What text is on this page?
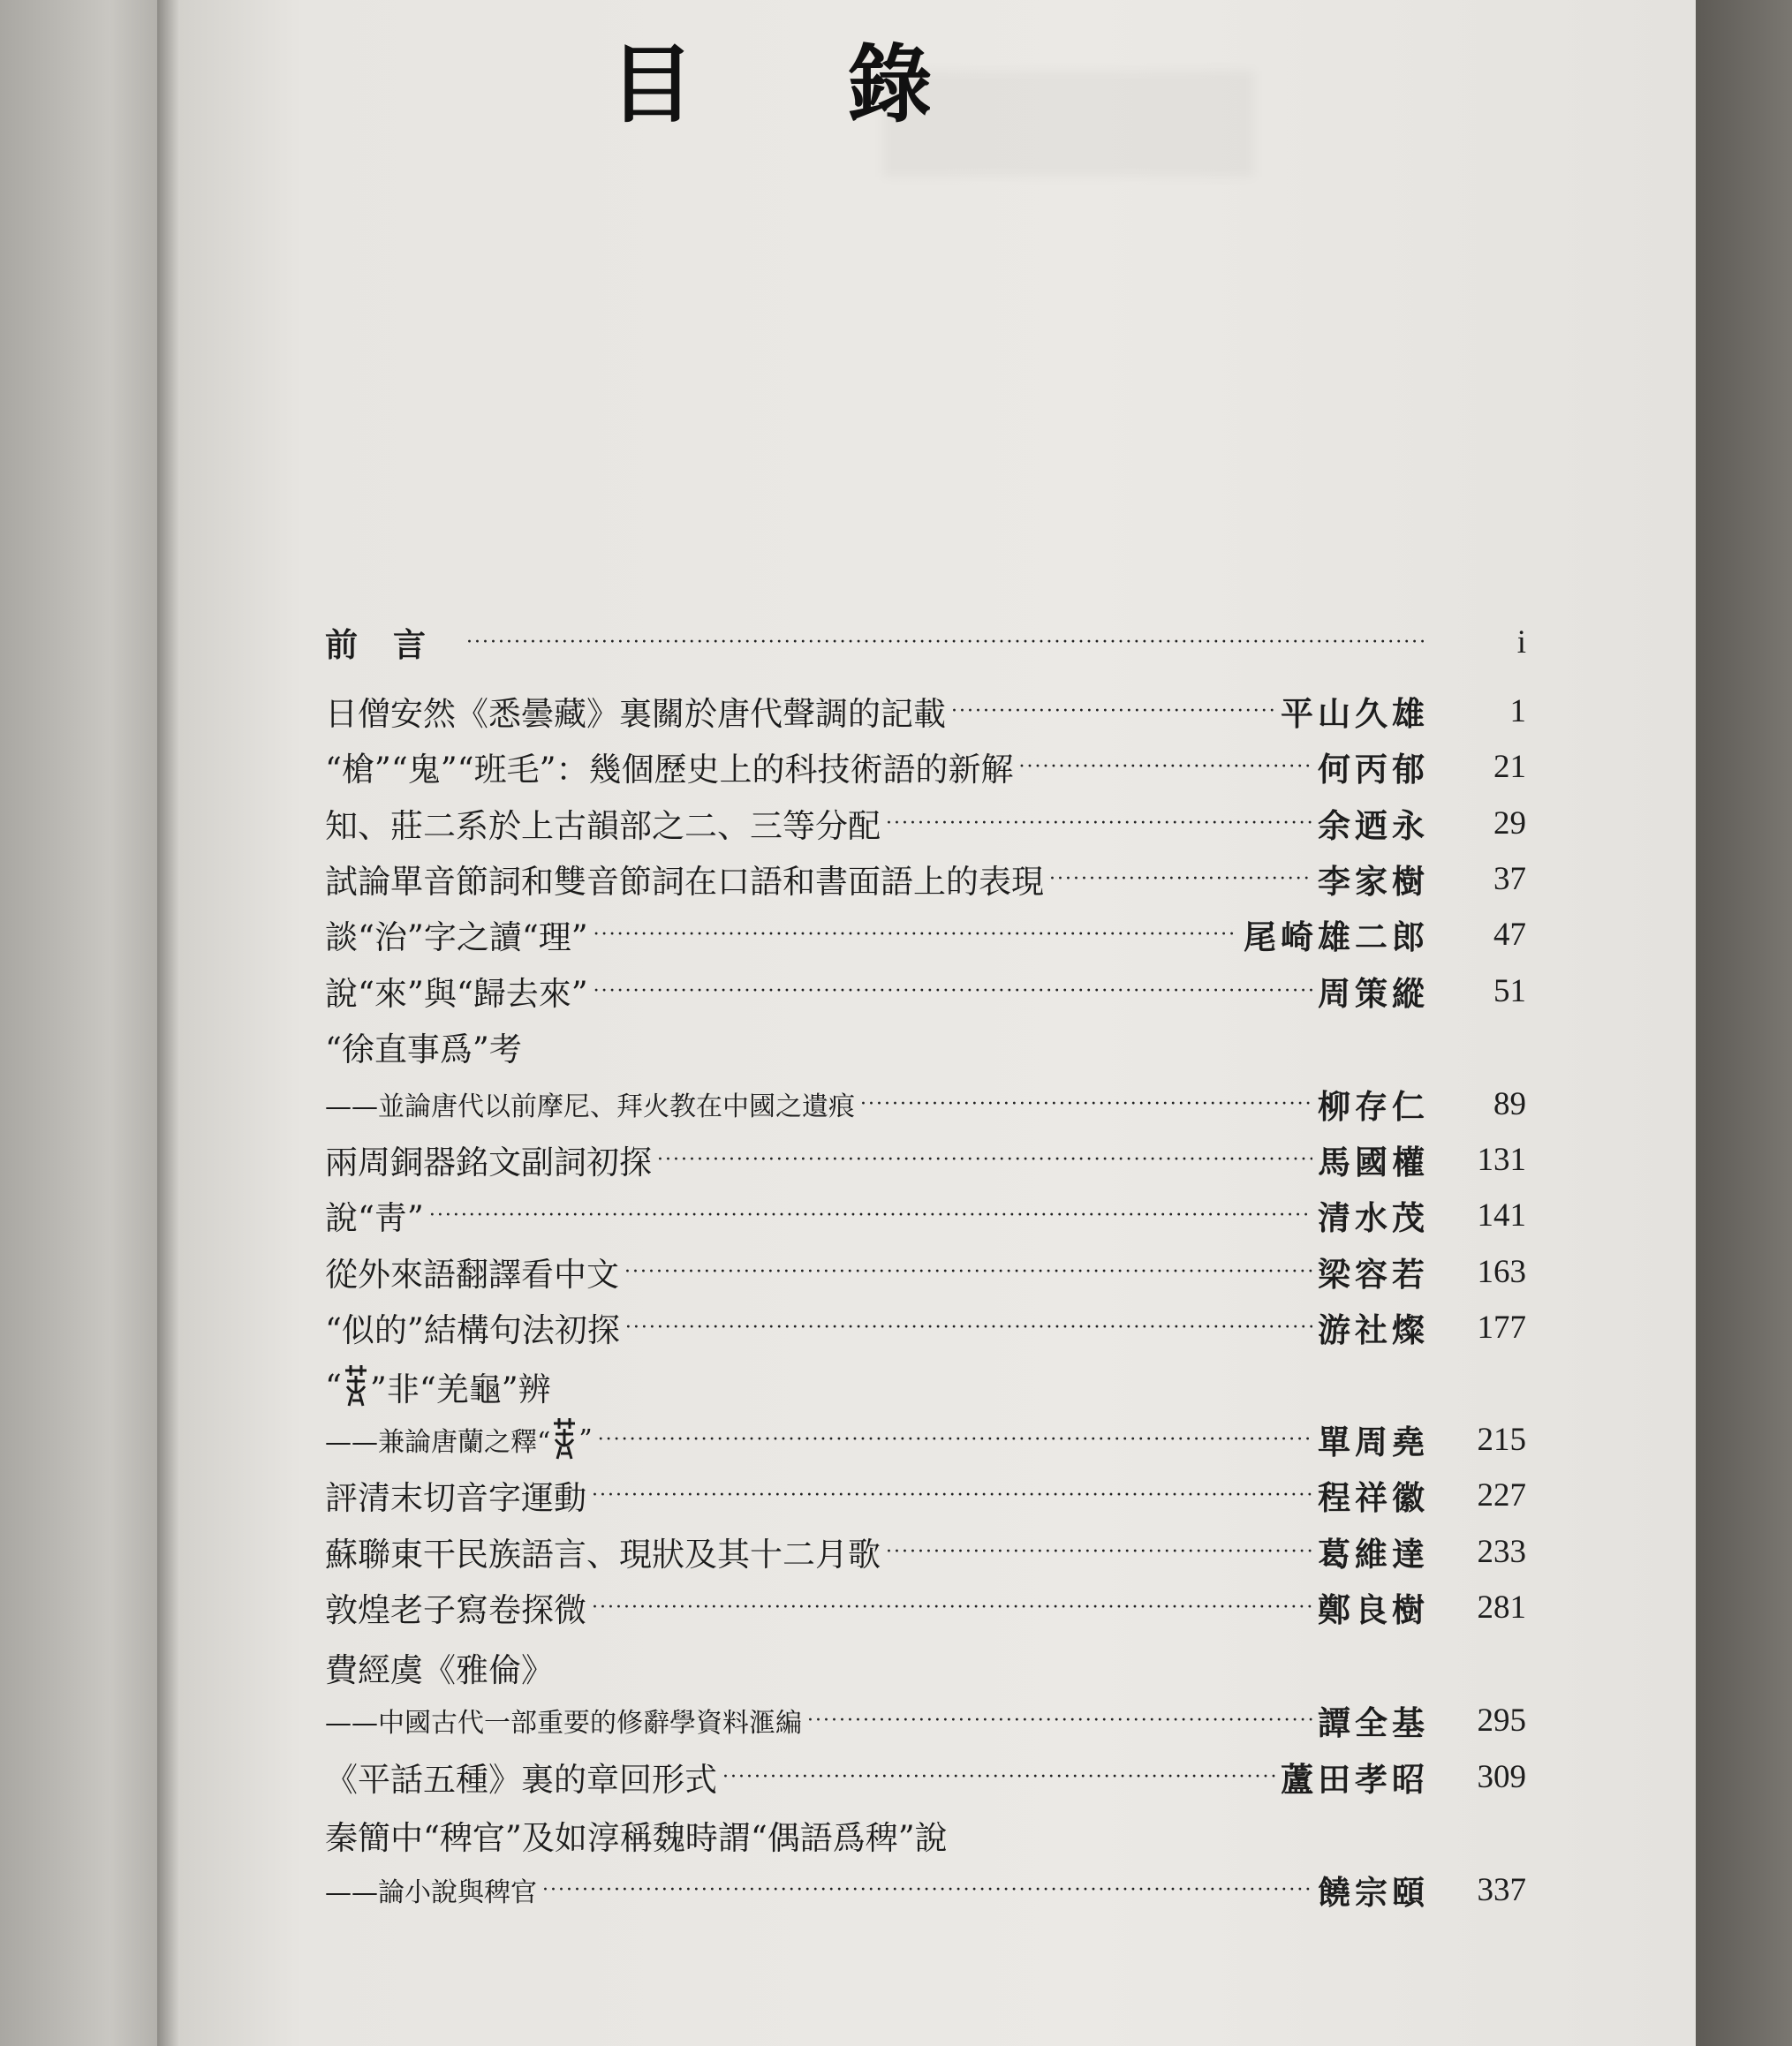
目 錄
前言 ·····	i
日僧安然《悉曇藏》裏關於唐代聲調的記載 ·····	平山久雄	1
“槍”“鬼”“班毛”：幾個歷史上的科技術語的新解 ·····	何丙郁	21
知、莊二系於上古韻部之二、三等分配 ·····	余迺永	29
試論單音節詞和雙音節詞在口語和書面語上的表現 ·····	李家樹	37
談“治”字之讀“理” ·····	尾崎雄二郎	47
說“來”與“歸去來” ·····	周策縱	51
“徐直事爲”考
——並論唐代以前摩尼、拜火教在中國之遺痕 ·····	柳存仁	89
兩周銅器銘文副詞初探 ·····	馬國權	131
說“靑” ·····	清水茂	141
從外來語翻譯看中文 ·····	梁容若	163
“似的”結構句法初探 ·····	游社燦	177
“ ”非“羌龜”辨
——兼論唐蘭之釋“ ” ·····	單周堯	215
評清末切音字運動 ·····	程祥徽	227
蘇聯東干民族語言、現狀及其十二月歌 ·····	葛維達	233
敦煌老子寫卷探微 ·····	鄭良樹	281
費經虞《雅倫》
——中國古代一部重要的修辭學資料滙編 ·····	譚全基	295
《平話五種》裏的章回形式 ·····	蘆田孝昭	309
秦簡中“稗官”及如淳稱魏時謂“偶語爲稗”說
——論小說與稗官 ·····	饒宗頤	337
